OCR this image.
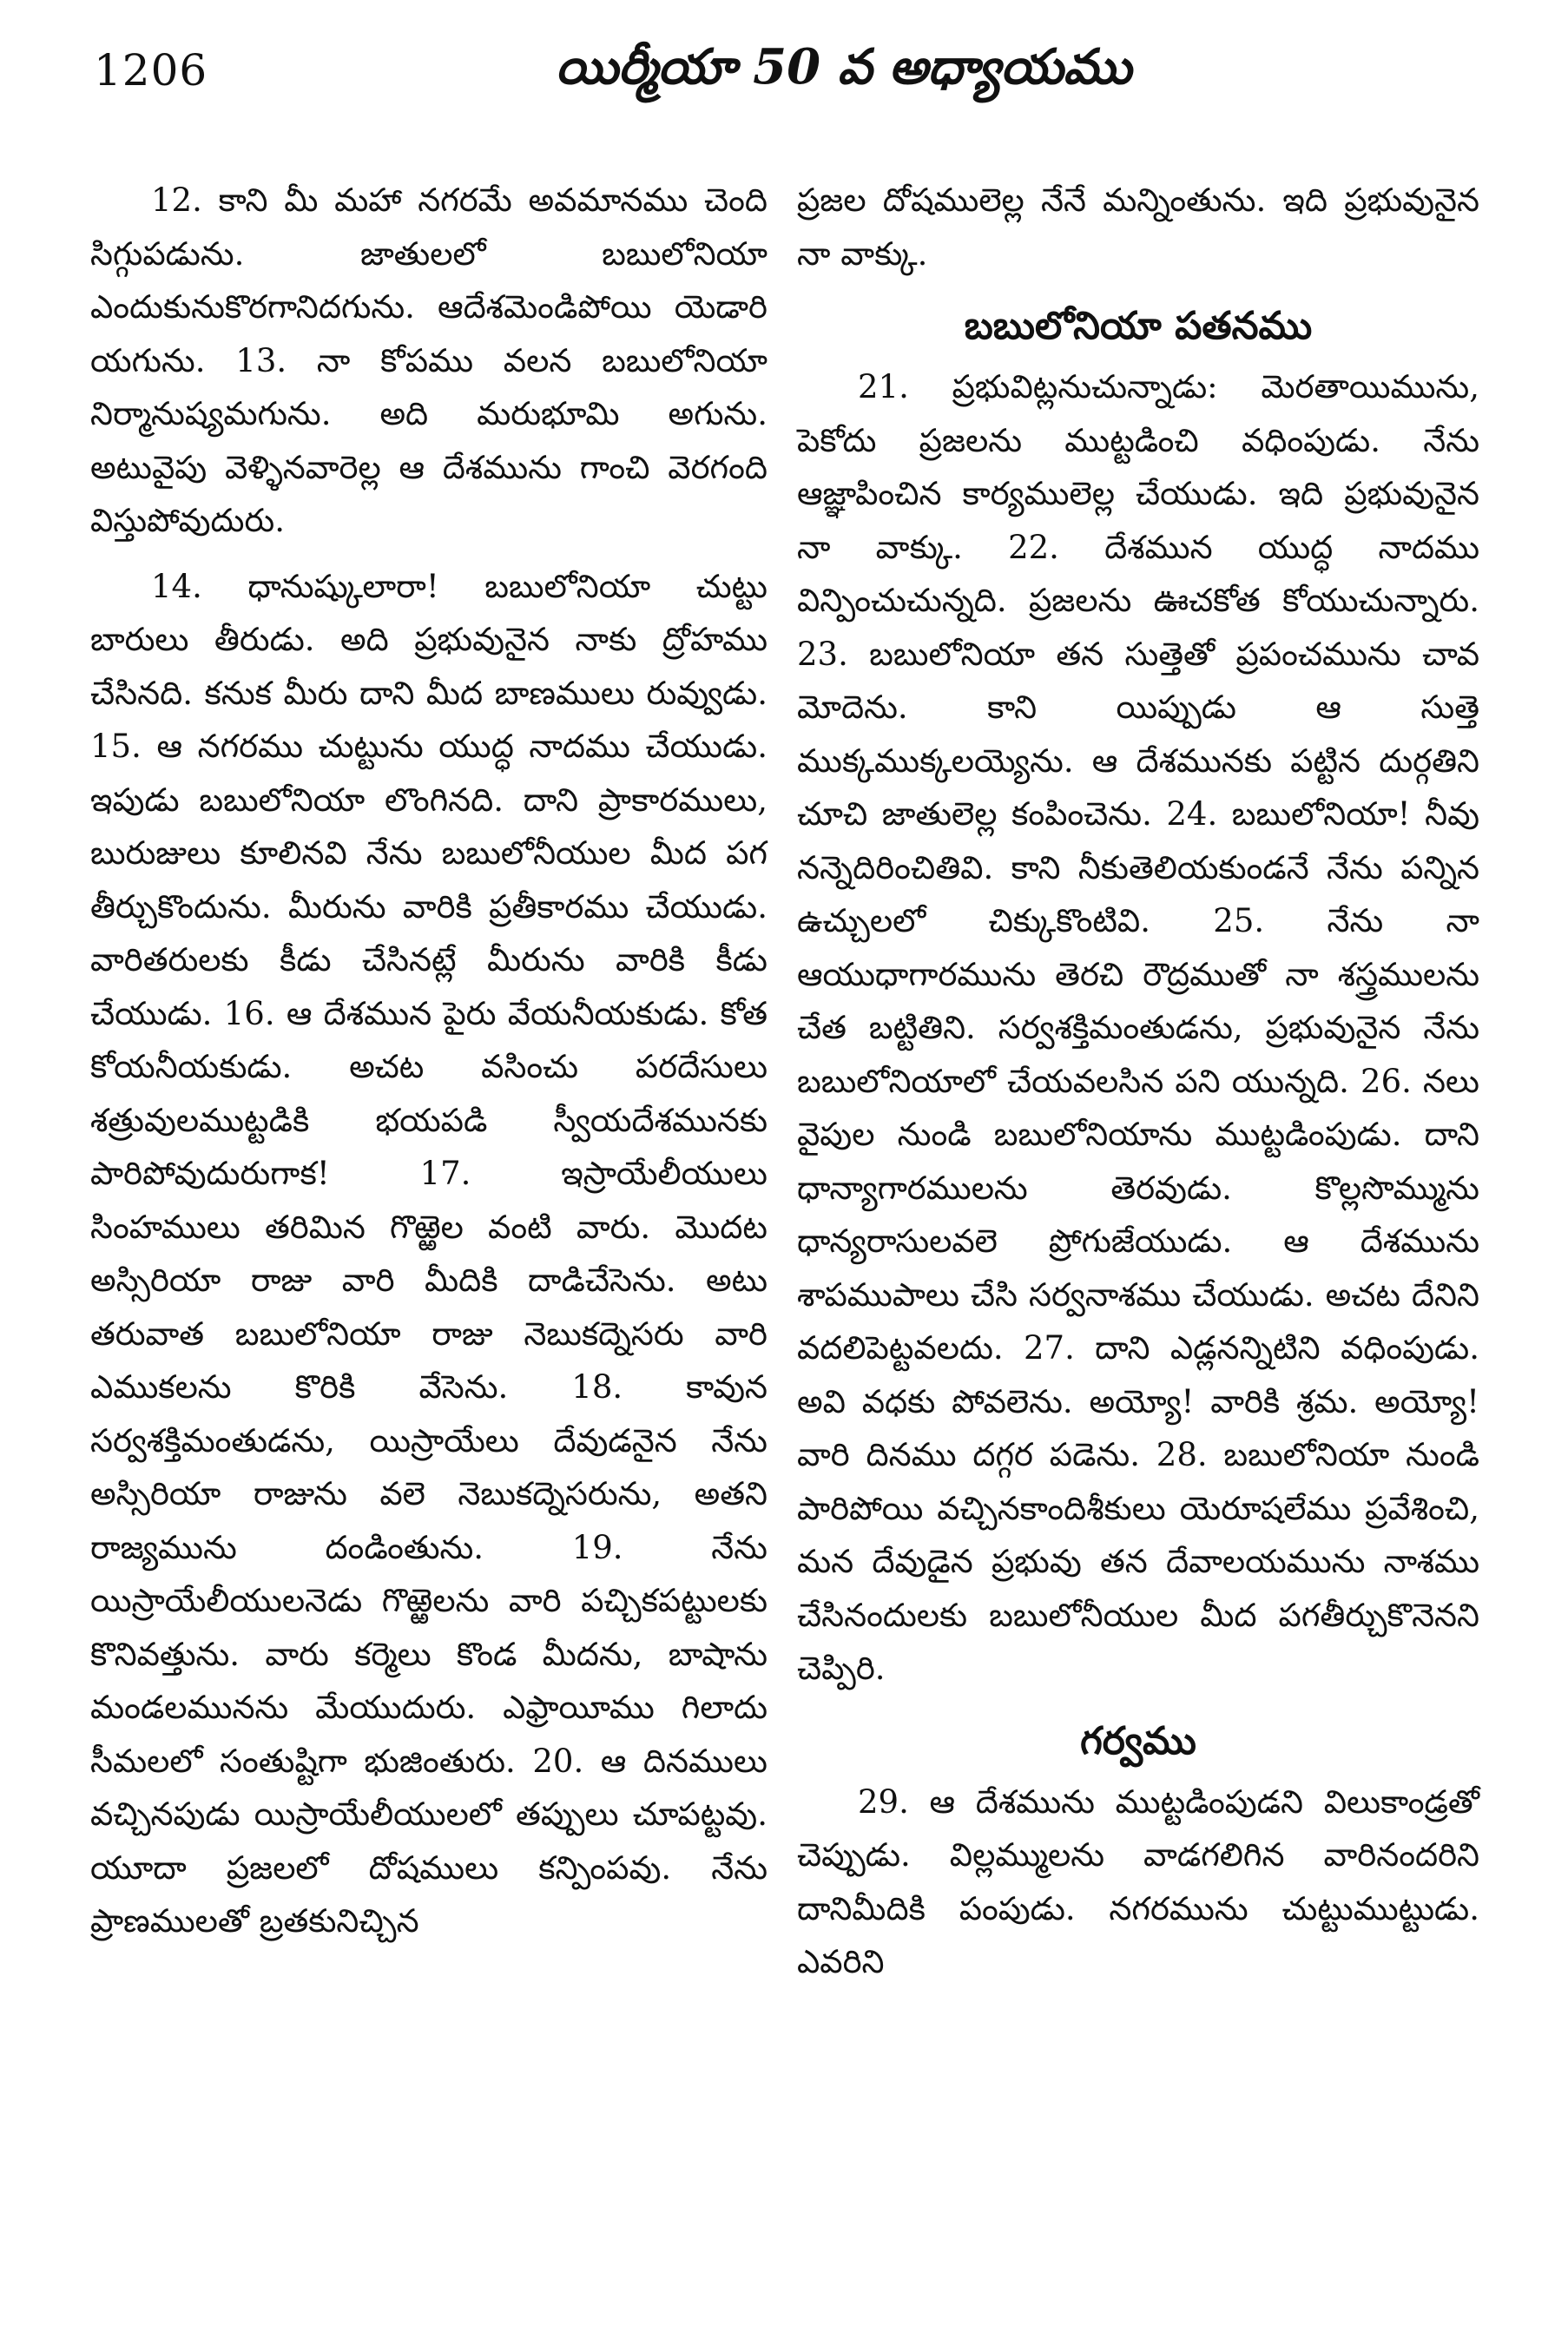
1206	యిర్మీయా 50 వ అధ్యాయము

12. కాని మీ మహా నగరమే అవమానము చెంది సిగ్గుపడును. జాతులలో బబులోనియా ఎందుకునుకొరగానిదగును. ఆదేశమెండిపోయి యెడారి యగును. 13. నా కోపము వలన బబులోనియా నిర్మానుష్యమగును. అది మరుభూమి అగును. అటువైపు వెళ్ళినవారెల్ల ఆ దేశమును గాంచి వెరగంది విస్తుపోవుదురు.

14. ధానుష్కులారా! బబులోనియా చుట్టు బారులు తీరుడు. అది ప్రభువునైన నాకు ద్రోహము చేసినది. కనుక మీరు దాని మీద బాణములు రువ్వుడు. 15. ఆ నగరము చుట్టును యుద్ధ నాదము చేయుడు. ఇపుడు బబులోనియా లొంగినది. దాని ప్రాకారములు, బురుజులు కూలినవి నేను బబులోనీయుల మీద పగ తీర్చుకొందును. మీరును వారికి ప్రతీకారము చేయుడు. వారితరులకు కీడు చేసినట్లే మీరును వారికి కీడు చేయుడు. 16. ఆ దేశమున పైరు వేయనీయకుడు. కోత కోయనీయకుడు. అచట వసించు పరదేసులు శత్రువులముట్టడికి భయపడి స్వీయదేశమునకు పారిపోవుదురుగాక! 17. ఇస్రాయేలీయులు సింహములు తరిమిన గొఱ్ఱెల వంటి వారు. మొదట అస్సిరియా రాజు వారి మీదికి దాడిచేసెను. అటు తరువాత బబులోనియా రాజు నెబుకద్నెసరు వారి ఎముకలను కొరికి వేసెను. 18. కావున సర్వశక్తిమంతుడను, యిస్రాయేలు దేవుడనైన నేను అస్సిరియా రాజును వలె నెబుకద్నెసరును, అతని రాజ్యమును దండింతును. 19. నేను యిస్రాయేలీయులనెడు గొఱ్ఱెలను వారి పచ్చికపట్టులకు కొనివత్తును. వారు కర్మెలు కొండ మీదను, బాషాను మండలమునను మేయుదురు. ఎఫ్రాయీము గిలాదు సీమలలో సంతుష్టిగా భుజింతురు. 20. ఆ దినములు వచ్చినపుడు యిస్రాయేలీయులలో తప్పులు చూపట్టవు. యూదా ప్రజలలో దోషములు కన్పింపవు. నేను ప్రాణములతో బ్రతకునిచ్చిన

ప్రజల దోషములెల్ల నేనే మన్నింతును. ఇది ప్రభువునైన నా వాక్కు.

బబులోనియా పతనము

21. ప్రభువిట్లనుచున్నాడు: మెరతాయిమును, పెకోదు ప్రజలను ముట్టడించి వధింపుడు. నేను ఆజ్ఞాపించిన కార్యములెల్ల చేయుడు. ఇది ప్రభువునైన నా వాక్కు. 22. దేశమున యుద్ధ నాదము విన్పించుచున్నది. ప్రజలను ఊచకోత కోయుచున్నారు. 23. బబులోనియా తన సుత్తెతో ప్రపంచమును చావ మోదెను. కాని యిప్పుడు ఆ సుత్తె ముక్కముక్కలయ్యెను. ఆ దేశమునకు పట్టిన దుర్గతిని చూచి జాతులెల్ల కంపించెను. 24. బబులోనియా! నీవు నన్నెదిరించితివి. కాని నీకుతెలియకుండనే నేను పన్నిన ఉచ్చులలో చిక్కుకొంటివి. 25. నేను నా ఆయుధాగారమును తెరచి రౌద్రముతో నా శస్త్రములను చేత బట్టితిని. సర్వశక్తిమంతుడను, ప్రభువునైన నేను బబులోనియాలో చేయవలసిన పని యున్నది. 26. నలు వైపుల నుండి బబులోనియాను ముట్టడింపుడు. దాని ధాన్యాగారములను తెరవుడు. కొల్లసొమ్మును ధాన్యరాసులవలె ప్రోగుజేయుడు. ఆ దేశమును శాపముపాలు చేసి సర్వనాశము చేయుడు. అచట దేనిని వదలిపెట్టవలదు. 27. దాని ఎడ్లనన్నిటిని వధింపుడు. అవి వధకు పోవలెను. అయ్యో! వారికి శ్రమ. అయ్యో! వారి దినము దగ్గర పడెను. 28. బబులోనియా నుండి పారిపోయి వచ్చినకాందిశీకులు యెరూషలేము ప్రవేశించి, మన దేవుడైన ప్రభువు తన దేవాలయమును నాశము చేసినందులకు బబులోనీయుల మీద పగతీర్చుకొనెనని చెప్పిరి.

గర్వము

29. ఆ దేశమును ముట్టడింపుడని విలుకాండ్రతో చెప్పుడు. విల్లమ్ములను వాడగలిగిన వారినందరిని దానిమీదికి పంపుడు. నగరమును చుట్టుముట్టుడు. ఎవరిని
